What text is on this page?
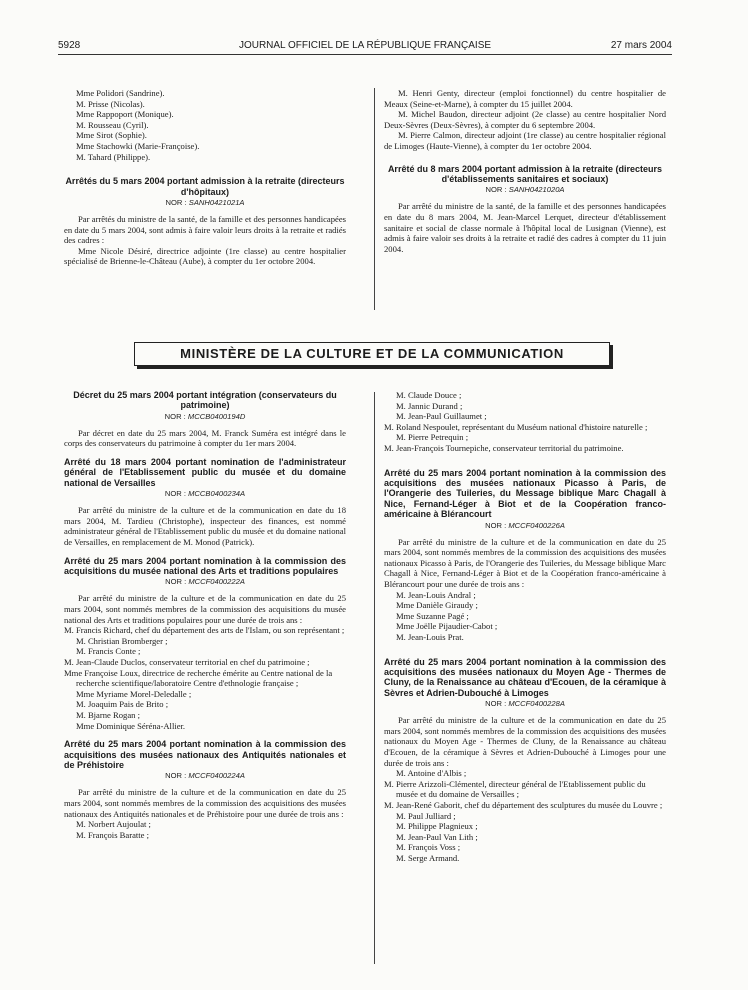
5928	JOURNAL OFFICIEL DE LA RÉPUBLIQUE FRANÇAISE	27 mars 2004

Mme Polidori (Sandrine).

M. Prisse (Nicolas).

Mme Rappoport (Monique).

M. Rousseau (Cyril).

Mme Sirot (Sophie).

Mme Stachowki (Marie-Françoise).

M. Tahard (Philippe).

Arrêtés du 5 mars 2004 portant admission à la retraite (directeurs d'hôpitaux)

NOR : SANH0421021A

Par arrêtés du ministre de la santé, de la famille et des personnes handicapées en date du 5 mars 2004, sont admis à faire valoir leurs droits à la retraite et radiés des cadres :

Mme Nicole Désiré, directrice adjointe (1re classe) au centre hospitalier spécialisé de Brienne-le-Château (Aube), à compter du 1er octobre 2004.

M. Henri Genty, directeur (emploi fonctionnel) du centre hospitalier de Meaux (Seine-et-Marne), à compter du 15 juillet 2004.

M. Michel Baudon, directeur adjoint (2e classe) au centre hospitalier Nord Deux-Sèvres (Deux-Sèvres), à compter du 6 septembre 2004.

M. Pierre Calmon, directeur adjoint (1re classe) au centre hospitalier régional de Limoges (Haute-Vienne), à compter du 1er octobre 2004.

Arrêté du 8 mars 2004 portant admission à la retraite (directeurs d'établissements sanitaires et sociaux)

NOR : SANH0421020A

Par arrêté du ministre de la santé, de la famille et des personnes handicapées en date du 8 mars 2004, M. Jean-Marcel Lerquet, directeur d'établissement sanitaire et social de classe normale à l'hôpital local de Lusignan (Vienne), est admis à faire valoir ses droits à la retraite et radié des cadres à compter du 11 juin 2004.

MINISTÈRE DE LA CULTURE ET DE LA COMMUNICATION

Décret du 25 mars 2004 portant intégration (conservateurs du patrimoine)

NOR : MCCB0400194D

Par décret en date du 25 mars 2004, M. Franck Suméra est intégré dans le corps des conservateurs du patrimoine à compter du 1er mars 2004.

Arrêté du 18 mars 2004 portant nomination de l'administrateur général de l'Etablissement public du musée et du domaine national de Versailles

NOR : MCCB0400234A

Par arrêté du ministre de la culture et de la communication en date du 18 mars 2004, M. Tardieu (Christophe), inspecteur des finances, est nommé administrateur général de l'Etablissement public du musée et du domaine national de Versailles, en remplacement de M. Monod (Patrick).

Arrêté du 25 mars 2004 portant nomination à la commission des acquisitions du musée national des Arts et traditions populaires

NOR : MCCF0400222A

Par arrêté du ministre de la culture et de la communication en date du 25 mars 2004, sont nommés membres de la commission des acquisitions du musée national des Arts et traditions populaires pour une durée de trois ans :

M. Francis Richard, chef du département des arts de l'Islam, ou son représentant ;

M. Christian Bromberger ;

M. Francis Conte ;

M. Jean-Claude Duclos, conservateur territorial en chef du patrimoine ;

Mme Françoise Loux, directrice de recherche émérite au Centre national de la recherche scientifique/laboratoire Centre d'ethnologie française ;

Mme Myriame Morel-Deledalle ;

M. Joaquim Pais de Brito ;

M. Bjarne Rogan ;

Mme Dominique Séréna-Allier.

Arrêté du 25 mars 2004 portant nomination à la commission des acquisitions des musées nationaux des Antiquités nationales et de Préhistoire

NOR : MCCF0400224A

Par arrêté du ministre de la culture et de la communication en date du 25 mars 2004, sont nommés membres de la commission des acquisitions des musées nationaux des Antiquités nationales et de Préhistoire pour une durée de trois ans :

M. Norbert Aujoulat ;

M. François Baratte ;

M. Claude Douce ;

M. Jannic Durand ;

M. Jean-Paul Guillaumet ;

M. Roland Nespoulet, représentant du Muséum national d'histoire naturelle ;

M. Pierre Petrequin ;

M. Jean-François Tournepiche, conservateur territorial du patrimoine.

Arrêté du 25 mars 2004 portant nomination à la commission des acquisitions des musées nationaux Picasso à Paris, de l'Orangerie des Tuileries, du Message biblique Marc Chagall à Nice, Fernand-Léger à Biot et de la Coopération franco-américaine à Blérancourt

NOR : MCCF0400226A

Par arrêté du ministre de la culture et de la communication en date du 25 mars 2004, sont nommés membres de la commission des acquisitions des musées nationaux Picasso à Paris, de l'Orangerie des Tuileries, du Message biblique Marc Chagall à Nice, Fernand-Léger à Biot et de la Coopération franco-américaine à Blérancourt pour une durée de trois ans :

M. Jean-Louis Andral ;

Mme Danièle Giraudy ;

Mme Suzanne Pagé ;

Mme Joëlle Pijaudier-Cabot ;

M. Jean-Louis Prat.

Arrêté du 25 mars 2004 portant nomination à la commission des acquisitions des musées nationaux du Moyen Age - Thermes de Cluny, de la Renaissance au château d'Ecouen, de la céramique à Sèvres et Adrien-Dubouché à Limoges

NOR : MCCF0400228A

Par arrêté du ministre de la culture et de la communication en date du 25 mars 2004, sont nommés membres de la commission des acquisitions des musées nationaux du Moyen Age - Thermes de Cluny, de la Renaissance au château d'Ecouen, de la céramique à Sèvres et Adrien-Dubouché à Limoges pour une durée de trois ans :

M. Antoine d'Albis ;

M. Pierre Arizzoli-Clémentel, directeur général de l'Etablissement public du musée et du domaine de Versailles ;

M. Jean-René Gaborit, chef du département des sculptures du musée du Louvre ;

M. Paul Julliard ;

M. Philippe Plagnieux ;

M. Jean-Paul Van Lith ;

M. François Voss ;

M. Serge Armand.
